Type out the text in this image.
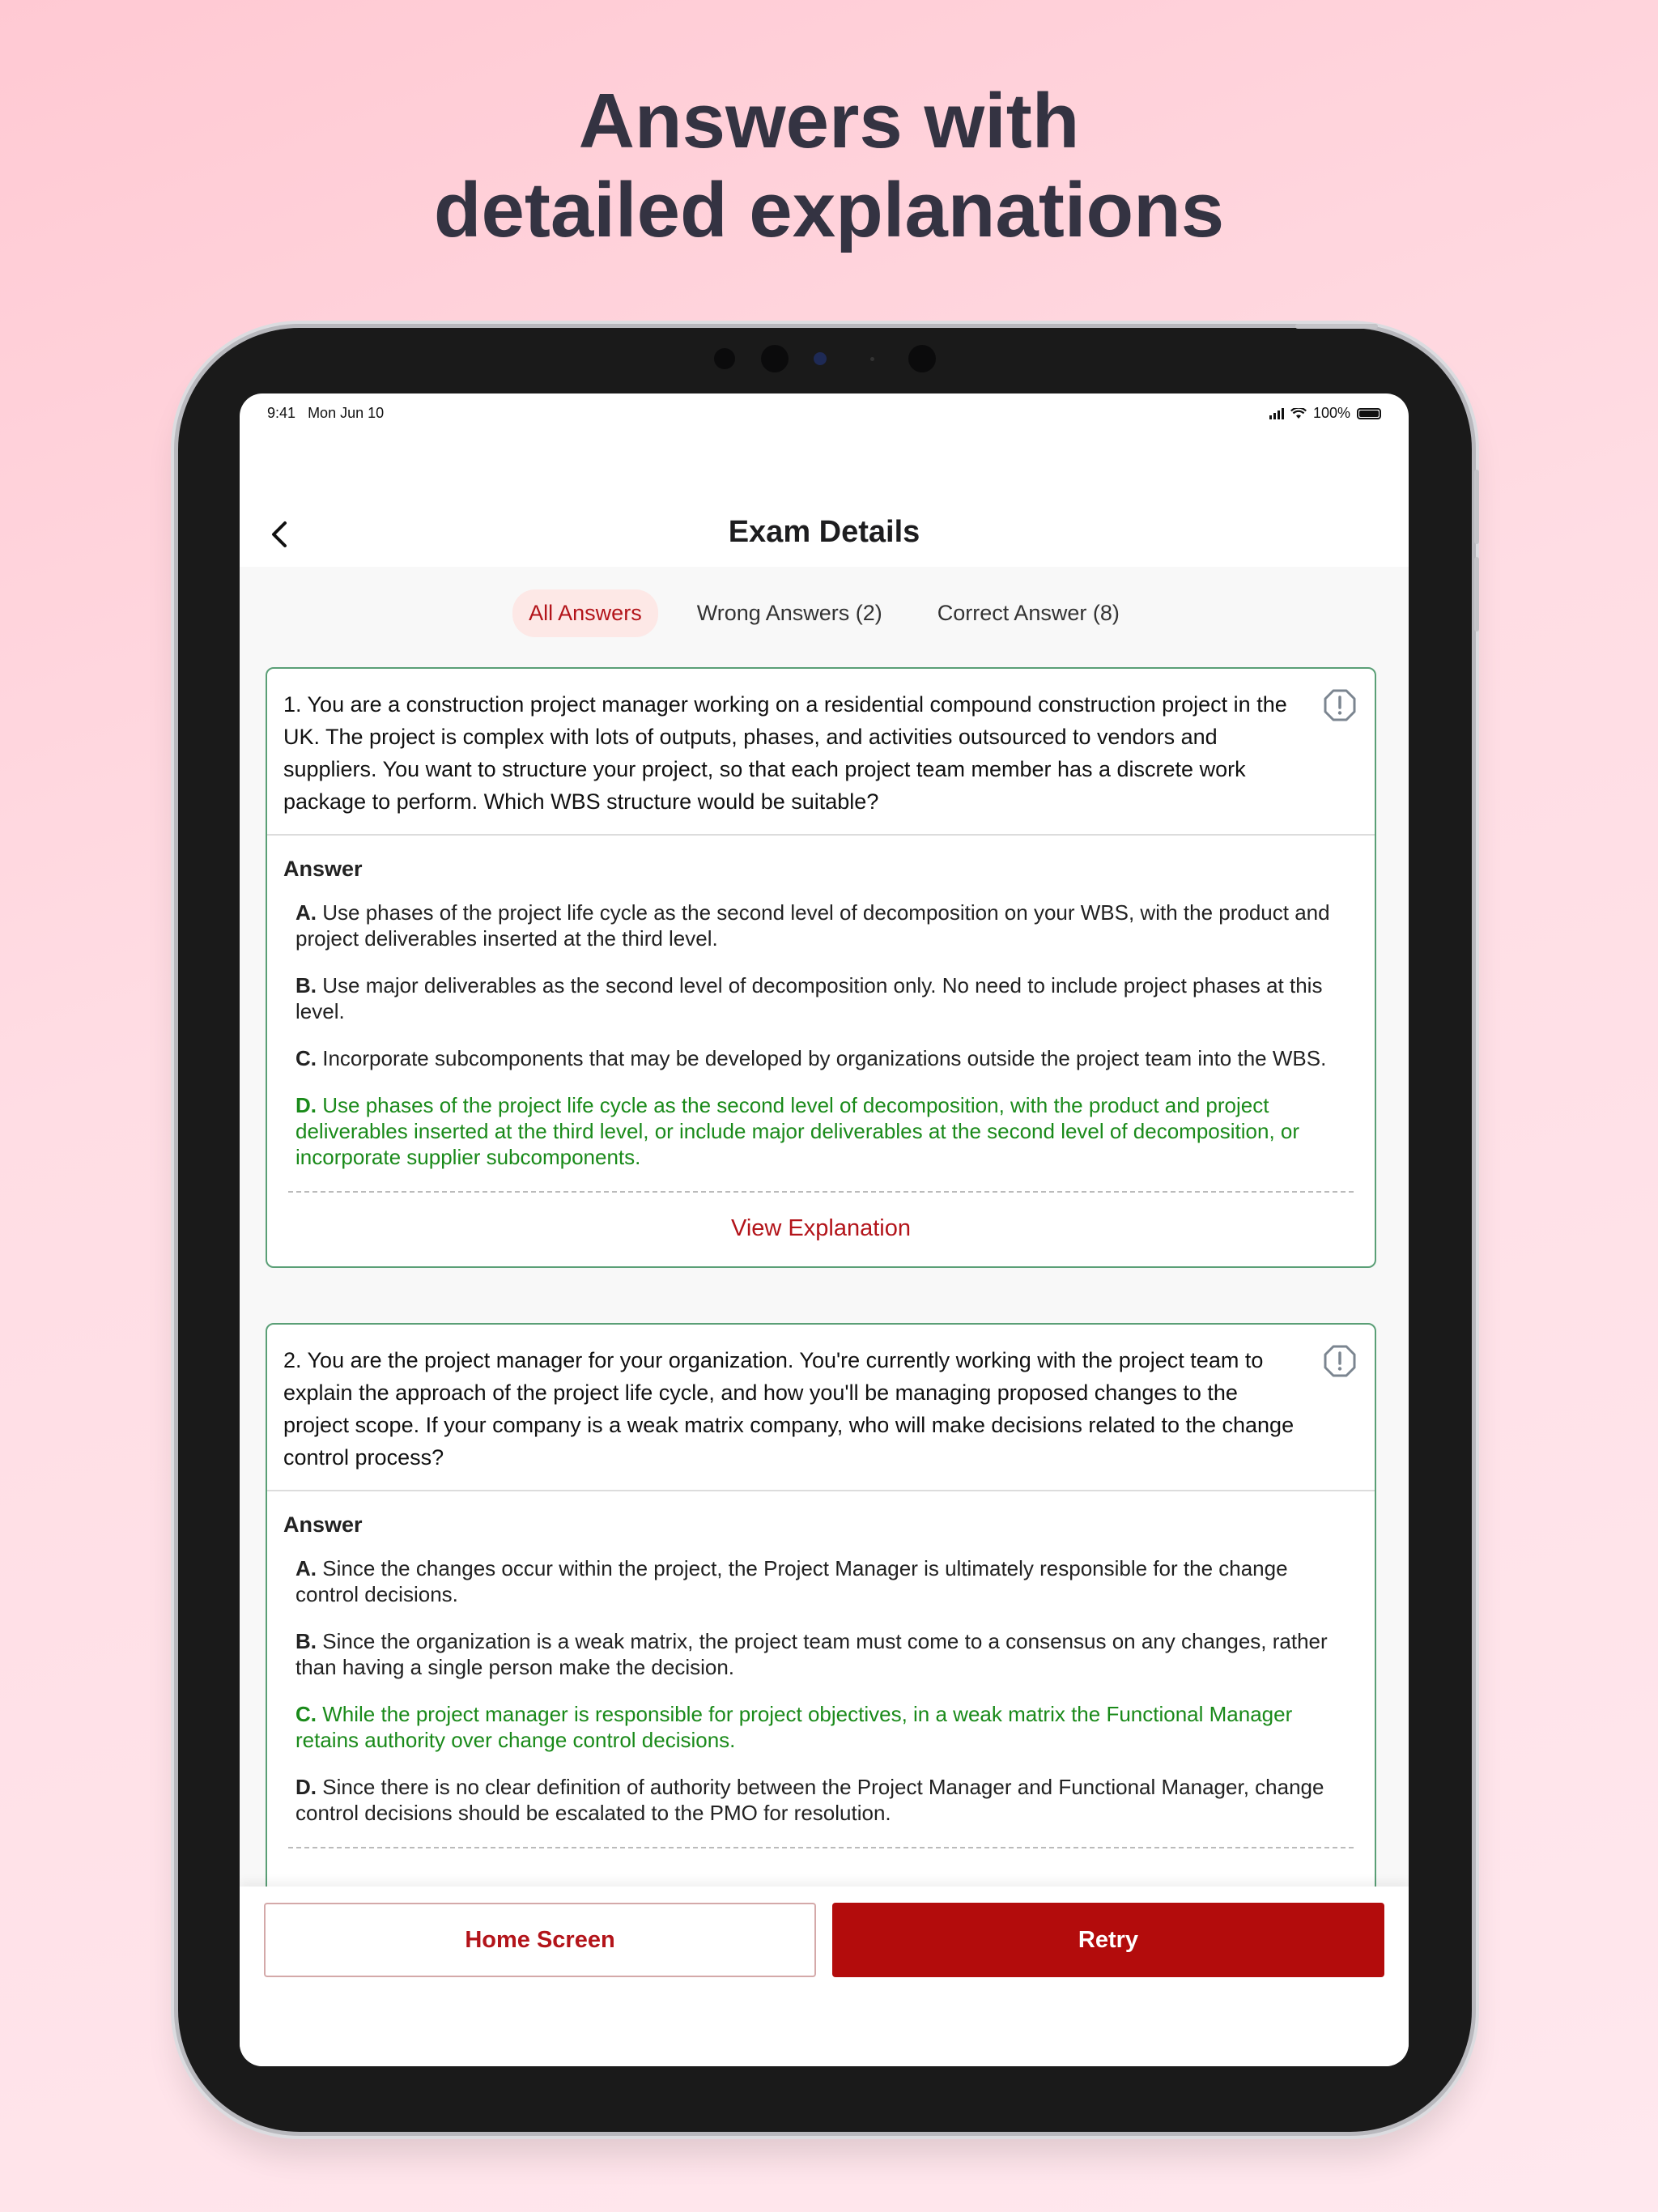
Answers with
detailed explanations
9:41 Mon Jun 10	100%
Exam Details
All Answers	Wrong Answers (2)	Correct Answer (8)
1. You are a construction project manager working on a residential compound construction project in the UK. The project is complex with lots of outputs, phases, and activities outsourced to vendors and suppliers. You want to structure your project, so that each project team member has a discrete work package to perform. Which WBS structure would be suitable?
Answer
A. Use phases of the project life cycle as the second level of decomposition on your WBS, with the product and project deliverables inserted at the third level.
B. Use major deliverables as the second level of decomposition only. No need to include project phases at this level.
C. Incorporate subcomponents that may be developed by organizations outside the project team into the WBS.
D. Use phases of the project life cycle as the second level of decomposition, with the product and project deliverables inserted at the third level, or include major deliverables at the second level of decomposition, or incorporate supplier subcomponents.
View Explanation
2. You are the project manager for your organization. You're currently working with the project team to explain the approach of the project life cycle, and how you'll be managing proposed changes to the project scope. If your company is a weak matrix company, who will make decisions related to the change control process?
Answer
A. Since the changes occur within the project, the Project Manager is ultimately responsible for the change control decisions.
B. Since the organization is a weak matrix, the project team must come to a consensus on any changes, rather than having a single person make the decision.
C. While the project manager is responsible for project objectives, in a weak matrix the Functional Manager retains authority over change control decisions.
D. Since there is no clear definition of authority between the Project Manager and Functional Manager, change control decisions should be escalated to the PMO for resolution.
Home Screen	Retry
